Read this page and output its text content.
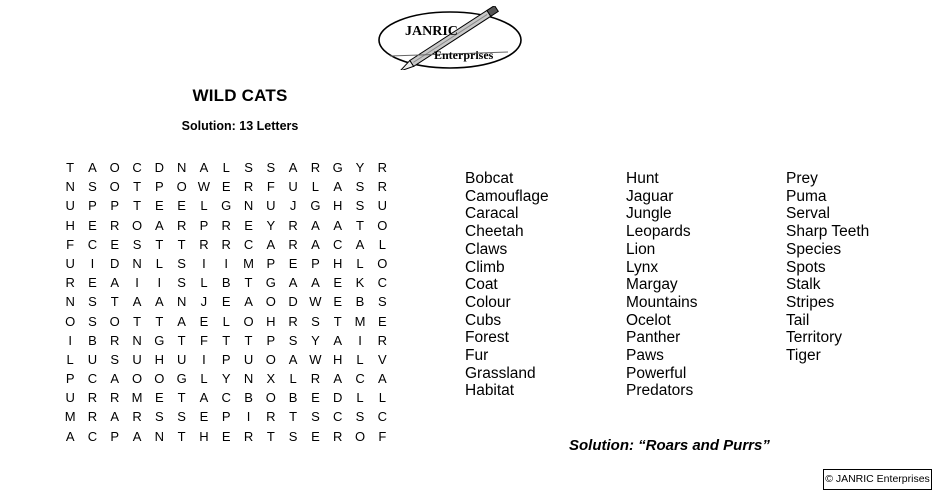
JANRIC
Enterprises
WILD CATS
Solution: 13 Letters
T	A O C D N	A	L	S	S	A	R G Y	R
N	S O	T	P O W E	R	F	U	L	A	S	R
U	P	P	T	E	E	L	G N U	J	G H	S	U
H	E	R O A	R	P	R	E	Y	R	A	A	T	O
F	C	E	S	T	T	R R C	A	R	A	C	A	L
U	I	D N	L	S	I	I	M P	E	P	H	L	O
R	E	A	I	I	S	L	B	T	G A	A	E	K	C
N	S	T	A	A	N	J	E	A O D W E	B	S
O S O	T	T	A	E	L	O H R	S	T M E
I	B	R N G	T	F	T	T	P	S	Y	A	I	R
L	U	S	U H U	I	P	U O A W H	L	V
P	C	A O O G	L	Y	N	X	L	R	A	C	A
U R R M E	T	A	C	B O B	E	D	L	L
M R	A	R	S	S	E	P	I	R	T	S	C	S	C
A	C	P	A	N	T	H	E	R	T	S	E	R O	F
Bobcat
Camouflage
Caracal
Cheetah
Claws
Climb
Coat
Colour
Cubs
Forest
Fur
Grassland
Habitat
Hunt
Jaguar
Jungle
Leopards
Lion
Lynx
Margay
Mountains
Ocelot
Panther
Paws
Powerful
Predators
Prey
Puma
Serval
Sharp Teeth
Species
Spots
Stalk
Stripes
Tail
Territory
Tiger
Solution: “Roars and Purrs”
© JANRIC Enterprises
